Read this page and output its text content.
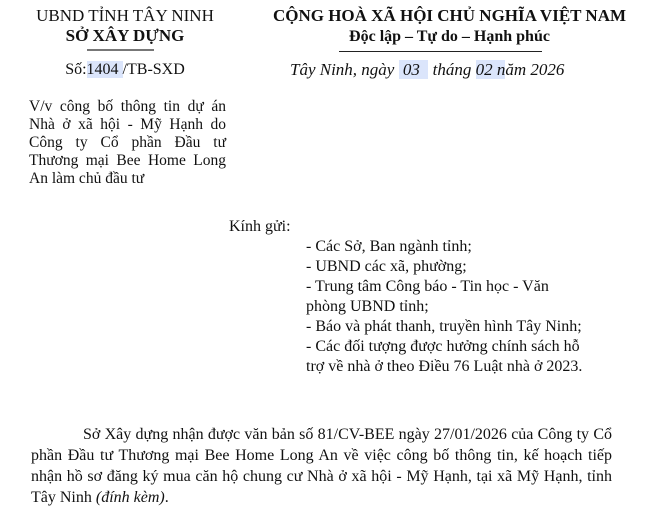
UBND TỈNH TÂY NINH
SỞ XÂY DỰNG
Số:1404 /TB-SXD
CỘNG HOÀ XÃ HỘI CHỦ NGHĨA VIỆT NAM
Độc lập – Tự do – Hạnh phúc
Tây Ninh, ngày 03 tháng 02 năm 2026
V/v công bố thông tin dự án
Nhà ở xã hội - Mỹ Hạnh do
Công ty Cổ phần Đầu tư
Thương mại Bee Home Long
An làm chủ đầu tư
Kính gửi:
- Các Sở, Ban ngành tỉnh;
- UBND các xã, phường;
- Trung tâm Công báo - Tin học - Văn
phòng UBND tỉnh;
- Báo và phát thanh, truyền hình Tây Ninh;
- Các đối tượng được hưởng chính sách hỗ
trợ về nhà ở theo Điều 76 Luật nhà ở 2023.
Sở Xây dựng nhận được văn bản số 81/CV-BEE ngày 27/01/2026 của Công ty Cổ phần Đầu tư Thương mại Bee Home Long An về việc công bố thông tin, kế hoạch tiếp nhận hồ sơ đăng ký mua căn hộ chung cư Nhà ở xã hội - Mỹ Hạnh, tại xã Mỹ Hạnh, tỉnh Tây Ninh (đính kèm).
